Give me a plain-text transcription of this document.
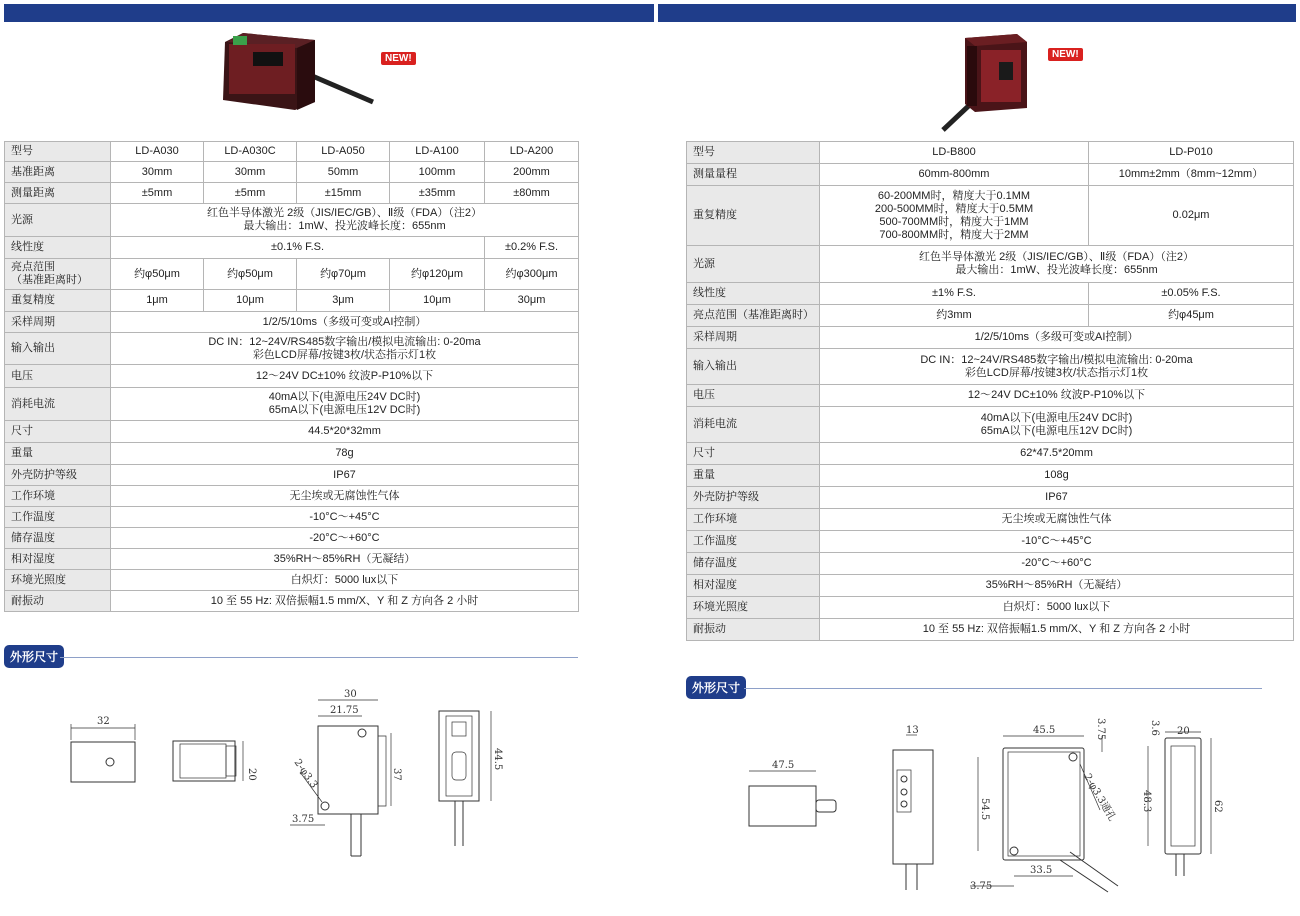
NEW!	NEW!
型号	LD-A030	LD-A030C	LD-A050	LD-A100	LD-A200
基准距离	30mm	30mm	50mm	100mm	200mm
测量距离	±5mm	±5mm	±15mm	±35mm	±80mm
光源	红色半导体激光 2级（JIS/IEC/GB）、Ⅱ级（FDA）（注2）
最大输出：1mW、投光波峰长度：655nm				
线性度	±0.1% F.S.				±0.2% F.S.
亮点范围
（基准距离时）	约φ50μm	约φ50μm	约φ70μm	约φ120μm	约φ300μm
重复精度	1μm	10μm	3μm	10μm	30μm
采样周期	1/2/5/10ms（多级可变或AI控制）				
输入输出	DC IN：12~24V/RS485数字输出/模拟电流输出: 0-20ma
彩色LCD屏幕/按键3枚/状态指示灯1枚				
电压	12～24V DC±10% 纹波P-P10%以下				
消耗电流	40mA以下(电源电压24V DC时)
65mA以下(电源电压12V DC时)				
尺寸	44.5*20*32mm				
重量	78g				
外壳防护等级	IP67				
工作环境	无尘埃或无腐蚀性气体				
工作温度	-10°C～+45°C				
储存温度	-20°C～+60°C				
相对湿度	35%RH～85%RH（无凝结）				
环境光照度	白炽灯：5000 lux以下				
耐振动	10 至 55 Hz: 双倍振幅1.5 mm/X、Y 和 Z 方向各 2 小时				
型号	LD-B800	LD-P010
测量量程	60mm-800mm	10mm±2mm（8mm~12mm）
重复精度	60-200MM时，精度大于0.1MM
200-500MM时，精度大于0.5MM
500-700MM时，精度大于1MM
700-800MM时，精度大于2MM	0.02μm
光源	红色半导体激光 2级（JIS/IEC/GB）、Ⅱ级（FDA）（注2）
最大输出：1mW、投光波峰长度：655nm	
线性度	±1% F.S.	±0.05% F.S.
亮点范围（基准距离时）	约3mm	约φ45μm
采样周期	1/2/5/10ms（多级可变或AI控制）	
输入输出	DC IN：12~24V/RS485数字输出/模拟电流输出: 0-20ma
彩色LCD屏幕/按键3枚/状态指示灯1枚	
电压	12～24V DC±10% 纹波P-P10%以下	
消耗电流	40mA以下(电源电压24V DC时)
65mA以下(电源电压12V DC时)	
尺寸	62*47.5*20mm	
重量	108g	
外壳防护等级	IP67	
工作环境	无尘埃或无腐蚀性气体	
工作温度	-10°C～+45°C	
储存温度	-20°C～+60°C	
相对湿度	35%RH～85%RH（无凝结）	
环境光照度	白炽灯：5000 lux以下	
耐振动	10 至 55 Hz: 双倍振幅1.5 mm/X、Y 和 Z 方向各 2 小时	
外形尺寸
外形尺寸
32
20
30
21.75
37
3.75
2-φ3.3	44.5	47.5
13	45.5	3.75
2-φ3.3通孔
54.5
33.5
3.75
3.6 20
48.3	62
